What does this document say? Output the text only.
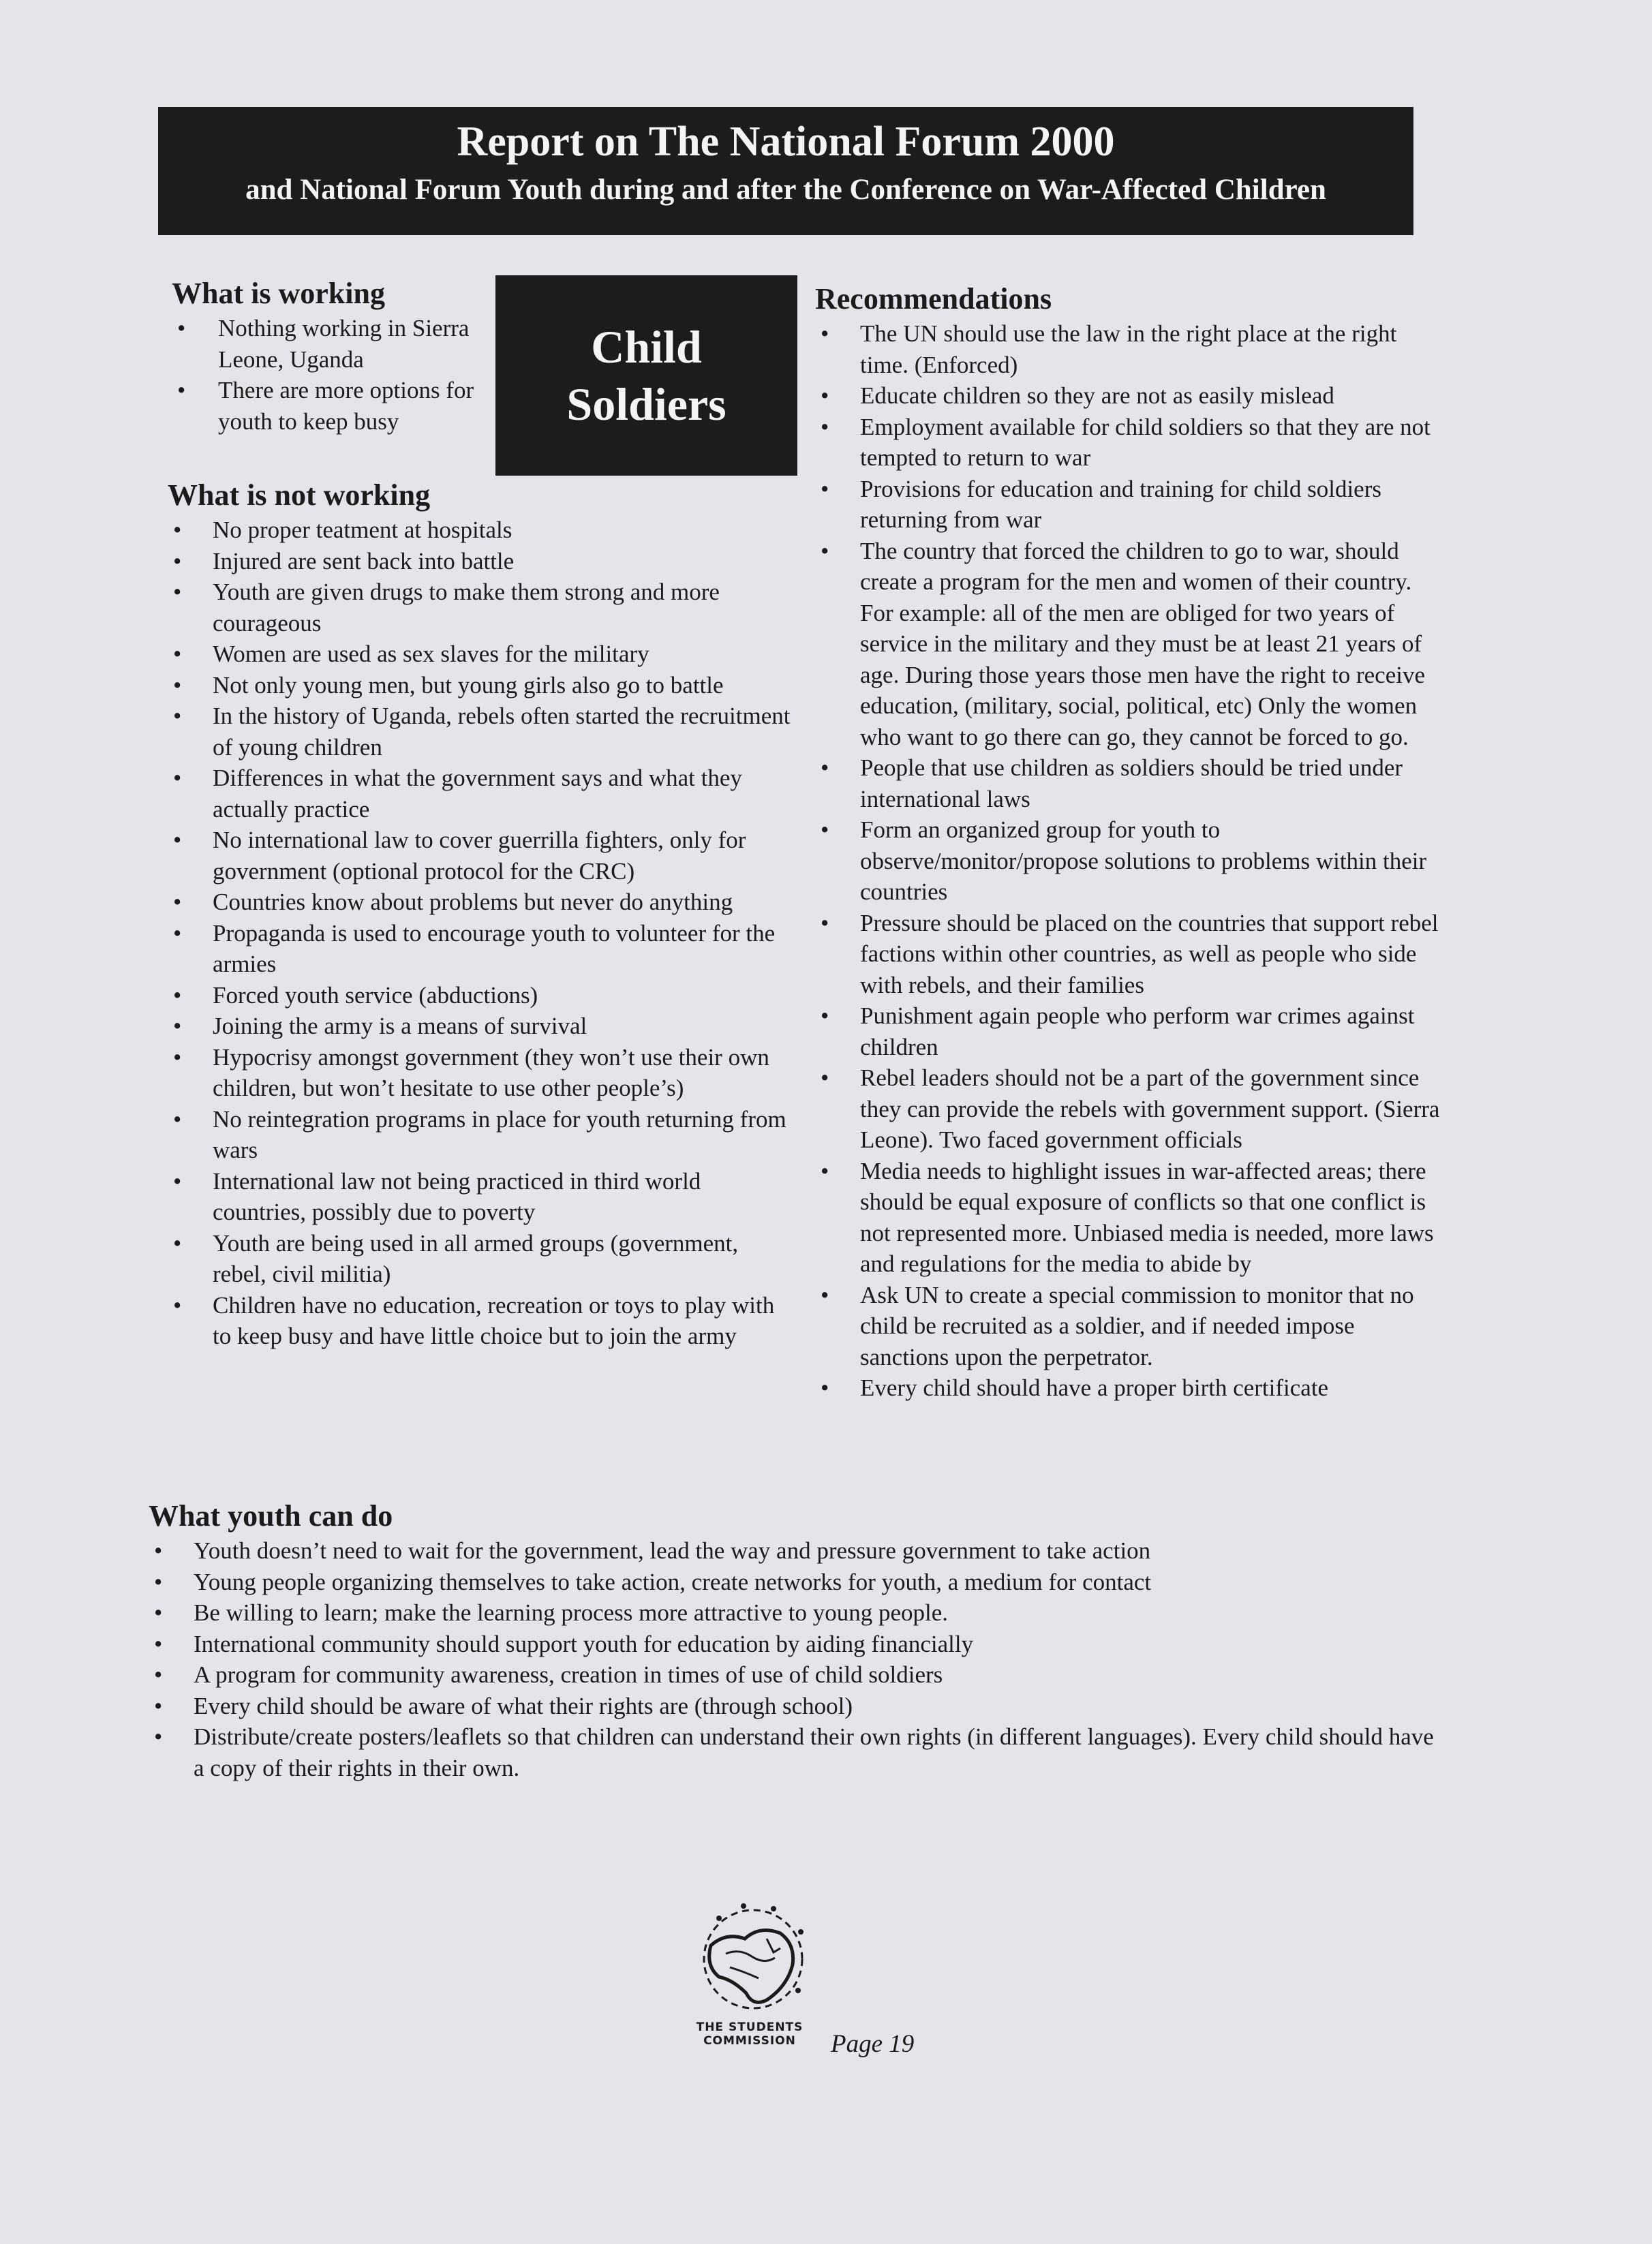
Report on The National Forum 2000
and National Forum Youth during and after the Conference on War-Affected Children
Child
Soldiers
What is working
• Nothing working in Sierra Leone, Uganda
• There are more options for youth to keep busy
What is not working
• No proper teatment at hospitals
• Injured are sent back into battle
• Youth are given drugs to make them strong and more courageous
• Women are used as sex slaves for the military
• Not only young men, but young girls also go to battle
• In the history of Uganda, rebels often started the recruitment of young children
• Differences in what the government says and what they actually practice
• No international law to cover guerrilla fighters, only for government (optional protocol for the CRC)
• Countries know about problems but never do anything
• Propaganda is used to encourage youth to volunteer for the armies
• Forced youth service (abductions)
• Joining the army is a means of survival
• Hypocrisy amongst government (they won’t use their own children, but won’t hesitate to use other people’s)
• No reintegration programs in place for youth returning from wars
• International law not being practiced in third world countries, possibly due to poverty
• Youth are being used in all armed groups (government, rebel, civil militia)
• Children have no education, recreation or toys to play with to keep busy and have little choice but to join the army
Recommendations
• The UN should use the law in the right place at the right time. (Enforced)
• Educate children so they are not as easily mislead
• Employment available for child soldiers so that they are not tempted to return to war
• Provisions for education and training for child soldiers returning from war
• The country that forced the children to go to war, should create a program for the men and women of their country. For example: all of the men are obliged for two years of service in the military and they must be at least 21 years of age. During those years those men have the right to receive education, (military, social, political, etc) Only the women who want to go there can go, they cannot be forced to go.
• People that use children as soldiers should be tried under international laws
• Form an organized group for youth to observe/monitor/propose solutions to problems within their countries
• Pressure should be placed on the countries that support rebel factions within other countries, as well as people who side with rebels, and their families
• Punishment again people who perform war crimes against children
• Rebel leaders should not be a part of the government since they can provide the rebels with government support. (Sierra Leone). Two faced government officials
• Media needs to highlight issues in war-affected areas; there should be equal exposure of conflicts so that one conflict is not represented more. Unbiased media is needed, more laws and regulations for the media to abide by
• Ask UN to create a special commission to monitor that no child be recruited as a soldier, and if needed impose sanctions upon the perpetrator.
• Every child should have a proper birth certificate
What youth can do
• Youth doesn’t need to wait for the government, lead the way and pressure government to take action
• Young people organizing themselves to take action, create networks for youth, a medium for contact
• Be willing to learn; make the learning process more attractive to young people.
• International community should support youth for education by aiding financially
• A program for community awareness, creation in times of use of child soldiers
• Every child should be aware of what their rights are (through school)
• Distribute/create posters/leaflets so that children can understand their own rights (in different languages). Every child should have a copy of their rights in their own.
THE STUDENTS
COMMISSION	Page 19
